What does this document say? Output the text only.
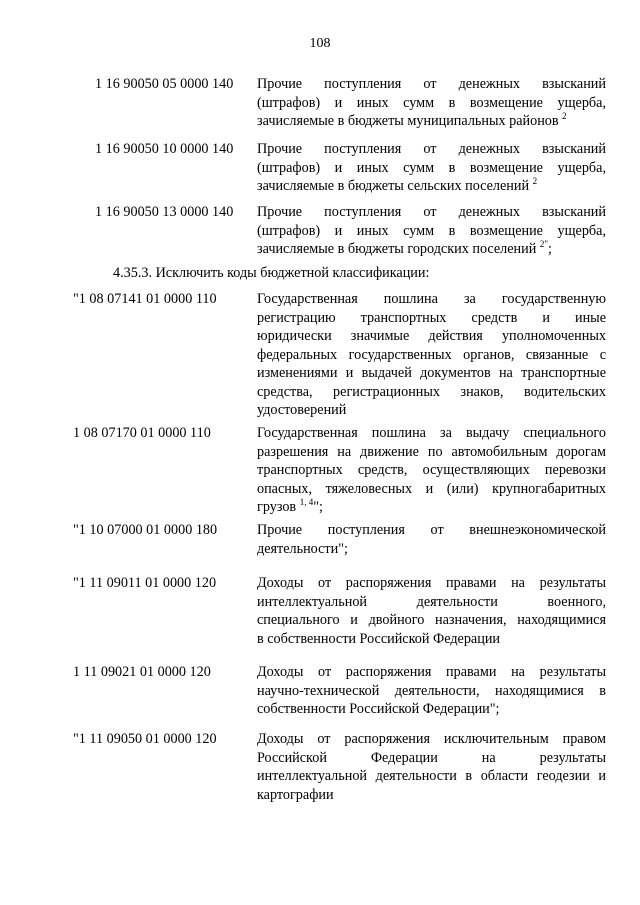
108
1 16 90050 05 0000 140 Прочие поступления от денежных взысканий
(штрафов) и иных сумм в возмещение ущерба,
зачисляемые в бюджеты муниципальных районов $^2$
1 16 90050 10 0000 140 Прочие поступления от денежных взысканий
(штрафов) и иных сумм в возмещение ущерба,
зачисляемые в бюджеты сельских поселений $^2$
1 16 90050 13 0000 140 Прочие поступления от денежных взысканий
(штрафов) и иных сумм в возмещение ущерба,
зачисляемые в бюджеты городских поселений $^{2"}$;
4.35.3. Исключить коды бюджетной классификации:
"1 08 07141 01 0000 110	Государственная пошлина за государственную
регистрацию транспортных средств и иные
юридически значимые действия уполномоченных
федеральных государственных органов, связанные с
изменениями и выдачей документов на транспортные
средства, регистрационных знаков, водительских
удостоверений
1 08 07170 01 0000 110	Государственная пошлина за выдачу специального
разрешения на движение по автомобильным дорогам
транспортных средств, осуществляющих перевозки
опасных, тяжеловесных и (или) крупногабаритных
грузов $^{1, 4}$";
"1 10 07000 01 0000 180	Прочие поступления от внешнеэкономической
деятельности";
"1 11 09011 01 0000 120	Доходы от распоряжения правами на результаты
интеллектуальной деятельности военного,
специального и двойного назначения, находящимися
в собственности Российской Федерации
1 11 09021 01 0000 120	Доходы от распоряжения правами на результаты
научно-технической деятельности, находящимися в
собственности Российской Федерации";
"1 11 09050 01 0000 120	Доходы от распоряжения исключительным правом
Российской Федерации на результаты
интеллектуальной деятельности в области геодезии и
картографии
